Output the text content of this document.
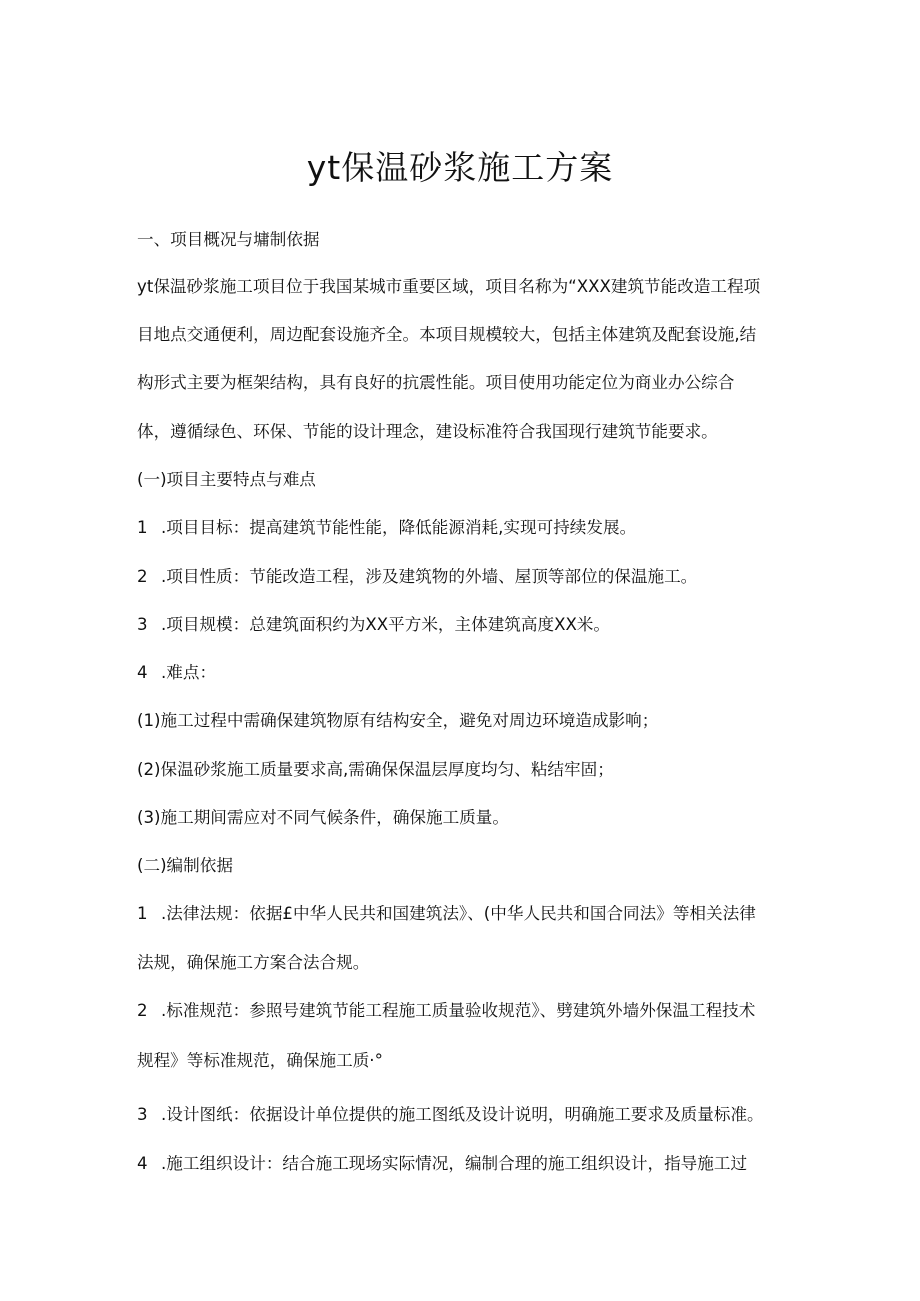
yt保温砂浆施工方案
一、项目概况与墉制依据
yt保温砂浆施工项目位于我国某城市重要区域，项目名称为“XXX建筑节能改造工程项
目地点交通便利，周边配套设施齐全。本项目规模较大，包括主体建筑及配套设施,结
构形式主要为框架结构，具有良好的抗震性能。项目使用功能定位为商业办公综合
体，遵循绿色、环保、节能的设计理念，建设标准符合我国现行建筑节能要求。
(一)项目主要特点与难点
1 .项目目标：提高建筑节能性能，降低能源消耗,实现可持续发展。
2 .项目性质：节能改造工程，涉及建筑物的外墙、屋顶等部位的保温施工。
3 .项目规模：总建筑面积约为XX平方米，主体建筑高度XX米。
4 .难点：
(1)施工过程中需确保建筑物原有结构安全，避免对周边环境造成影响；
(2)保温砂浆施工质量要求高,需确保保温层厚度均匀、粘结牢固；
(3)施工期间需应对不同气候条件，确保施工质量。
(二)编制依据
1 .法律法规：依据£中华人民共和国建筑法》、(中华人民共和国合同法》等相关法律
法规，确保施工方案合法合规。
2 .标准规范：参照号建筑节能工程施工质量验收规范》、劈建筑外墙外保温工程技术
规程》等标准规范，确保施工质·°
3 .设计图纸：依据设计单位提供的施工图纸及设计说明，明确施工要求及质量标准。
4 .施工组织设计：结合施工现场实际情况，编制合理的施工组织设计，指导施工过
